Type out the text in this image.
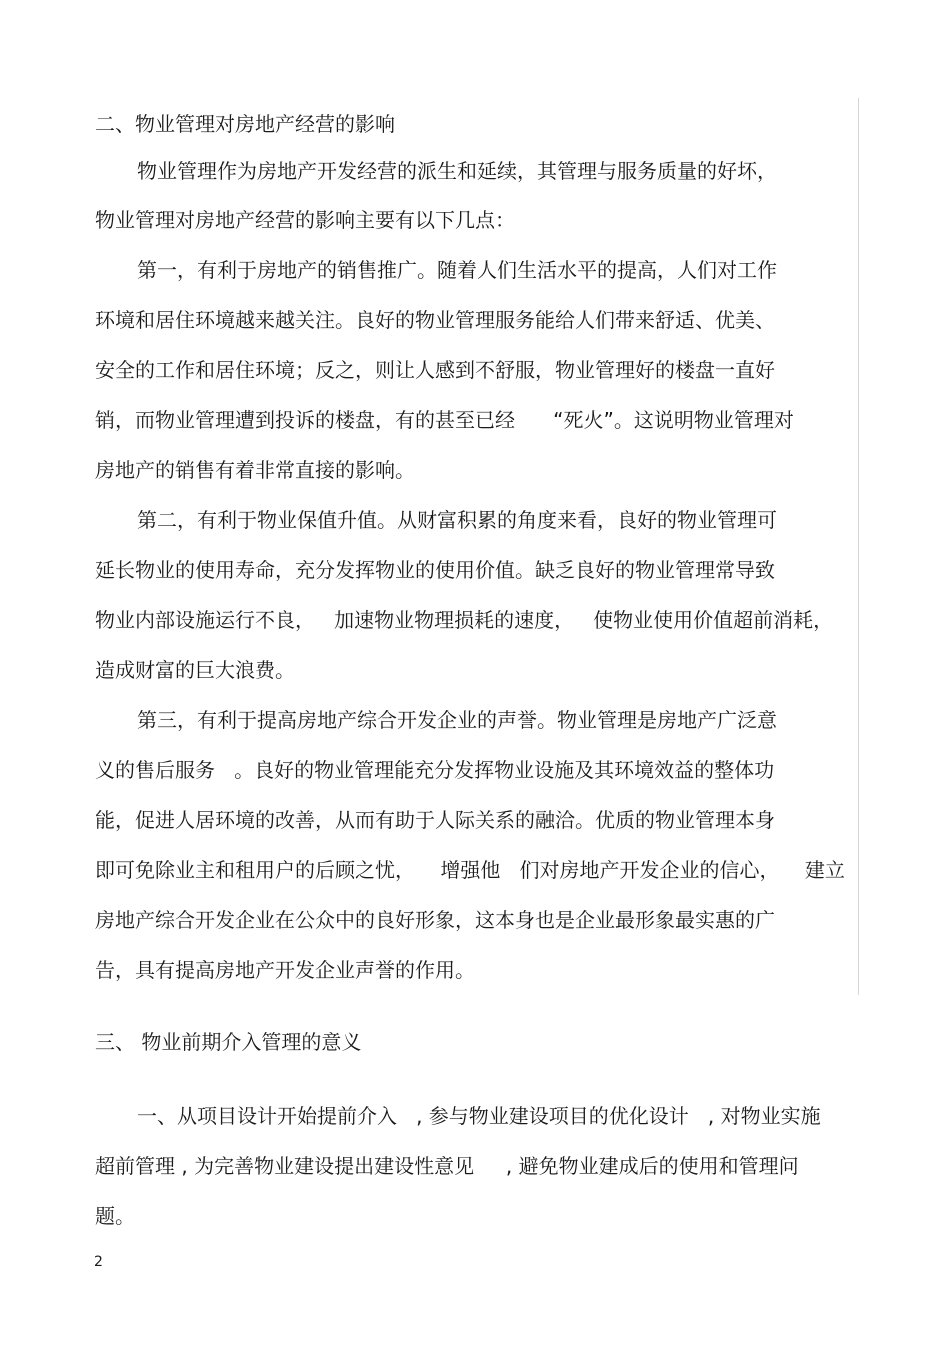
二、物业管理对房地产经营的影响
物业管理作为房地产开发经营的派生和延续，其管理与服务质量的好坏，
物业管理对房地产经营的影响主要有以下几点：
第一，有利于房地产的销售推广。随着人们生活水平的提高，人们对工作
环境和居住环境越来越关注。良好的物业管理服务能给人们带来舒适、优美、
安全的工作和居住环境；反之，则让人感到不舒服，物业管理好的楼盘一直好
销，而物业管理遭到投诉的楼盘，有的甚至已经      “死火”。这说明物业管理对
房地产的销售有着非常直接的影响。
第二，有利于物业保值升值。从财富积累的角度来看，良好的物业管理可
延长物业的使用寿命，充分发挥物业的使用价值。缺乏良好的物业管理常导致
物业内部设施运行不良，   加速物业物理损耗的速度，   使物业使用价值超前消耗，
造成财富的巨大浪费。
第三，有利于提高房地产综合开发企业的声誉。物业管理是房地产广泛意
义的售后服务   。良好的物业管理能充分发挥物业设施及其环境效益的整体功
能，促进人居环境的改善，从而有助于人际关系的融洽。优质的物业管理本身
即可免除业主和租用户的后顾之忧，    增强他   们对房地产开发企业的信心，    建立
房地产综合开发企业在公众中的良好形象，这本身也是企业最形象最实惠的广
告，具有提高房地产开发企业声誉的作用。
三、 物业前期介入管理的意义
一、从项目设计开始提前介入   , 参与物业建设项目的优化设计   , 对物业实施
超前管理 , 为完善物业建设提出建设性意见     , 避免物业建成后的使用和管理问
题。
2
